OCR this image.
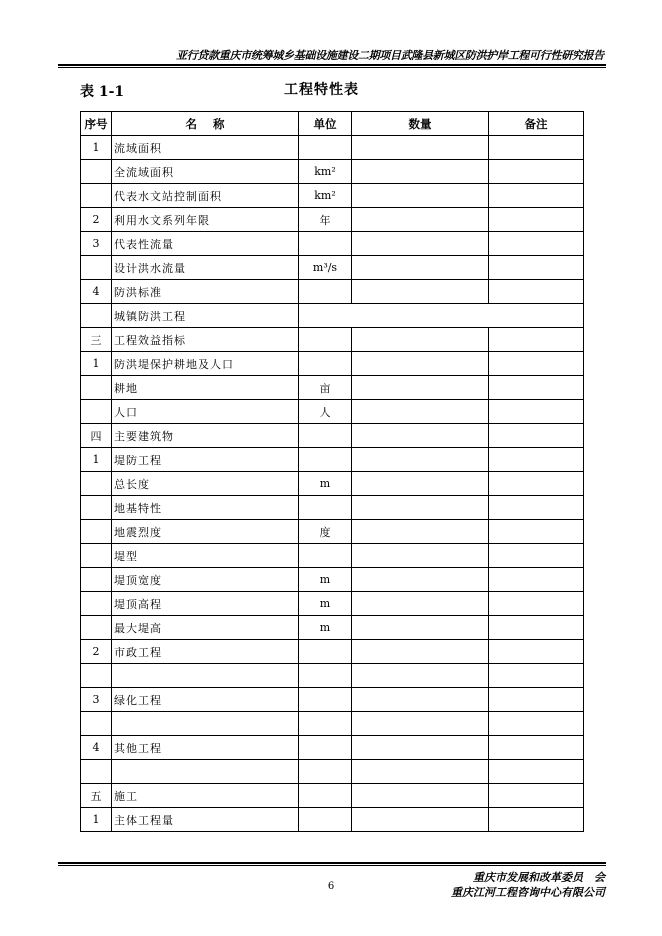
亚行贷款重庆市统筹城乡基础设施建设二期项目武隆县新城区防洪护岸工程可行性研究报告
表 1-1	工程特性表
序号	名    称	单位	数量	备注
1	流域面积			
	全流域面积	km²		
	代表水文站控制面积	km²		
2	利用水文系列年限	年		
3	代表性流量			
	设计洪水流量	m³/s		
4	防洪标准			
	城镇防洪工程			
三	工程效益指标			
1	防洪堤保护耕地及人口			
	耕地	亩		
	人口	人		
四	主要建筑物			
1	堤防工程			
	总长度	m		
	地基特性			
	地震烈度	度		
	堤型			
	堤顶宽度	m		
	堤顶高程	m		
	最大堤高	m		
2	市政工程			

3	绿化工程			

4	其他工程			

五	施工			
1	主体工程量			
6
重庆市发展和改革委员　会
重庆江河工程咨询中心有限公司
